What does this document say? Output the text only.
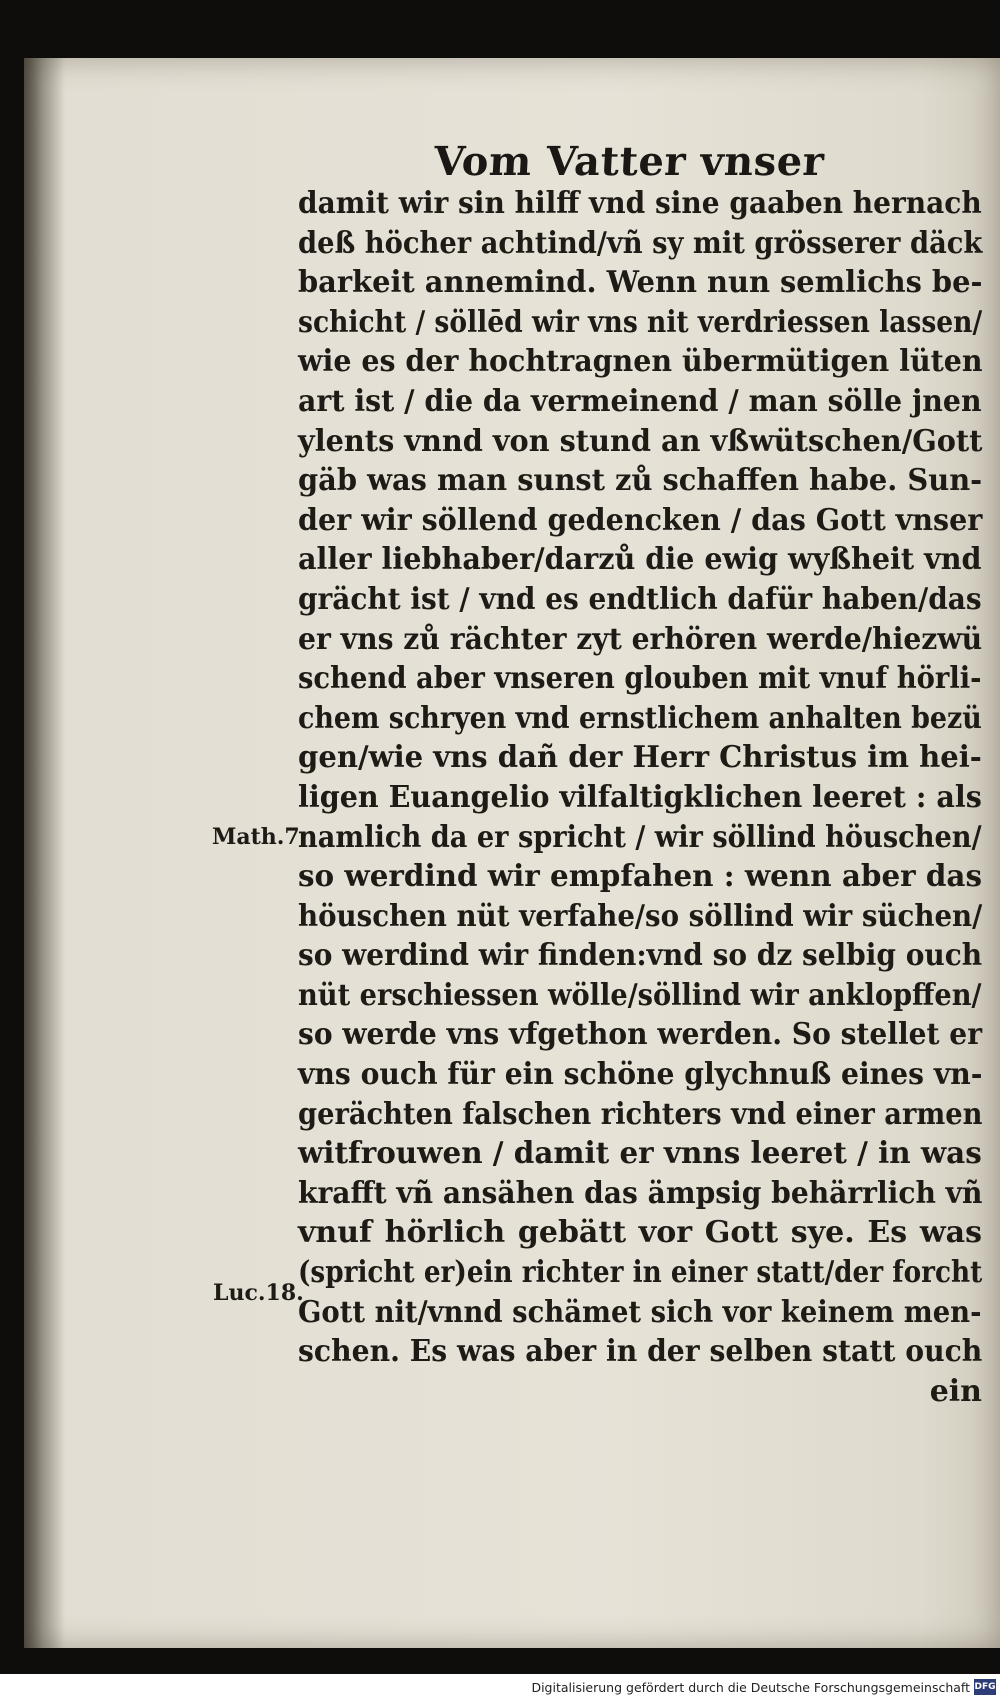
Vom Vatter vnser
damit wir sin hilff vnd sine gaaben hernach
deß höcher achtind/vñ sy mit grösserer däck
barkeit annemind. Wenn nun semlichs be-
schicht / söllēd wir vns nit verdriessen lassen/
wie es der hochtragnen übermütigen lüten
art ist / die da vermeinend / man sölle jnen
ylents vnnd von stund an vßwütschen/Gott
gäb was man sunst zů schaffen habe. Sun-
der wir söllend gedencken / das Gott vnser
aller liebhaber/darzů die ewig wyßheit vnd
grächt ist / vnd es endtlich dafür haben/das
er vns zů rächter zyt erhören werde/hiezwü
schend aber vnseren glouben mit vnuf hörli-
chem schryen vnd ernstlichem anhalten bezü
gen/wie vns dañ der Herr Christus im hei-
ligen Euangelio vilfaltigklichen leeret : als
namlich da er spricht / wir söllind höuschen/
so werdind wir empfahen : wenn aber das
höuschen nüt verfahe/so söllind wir süchen/
so werdind wir finden:vnd so dz selbig ouch
nüt erschiessen wölle/söllind wir anklopffen/
so werde vns vfgethon werden. So stellet er
vns ouch für ein schöne glychnuß eines vn-
gerächten falschen richters vnd einer armen
witfrouwen / damit er vnns leeret / in was
krafft vñ ansähen das ämpsig behärrlich vñ
vnuf hörlich gebätt vor Gott sye. Es was
(spricht er)ein richter in einer statt/der forcht
Gott nit/vnnd schämet sich vor keinem men-
schen. Es was aber in der selben statt ouch
ein
Math.7.
Luc.18.
Digitalisierung gefördert durch die Deutsche Forschungsgemeinschaft DFG
